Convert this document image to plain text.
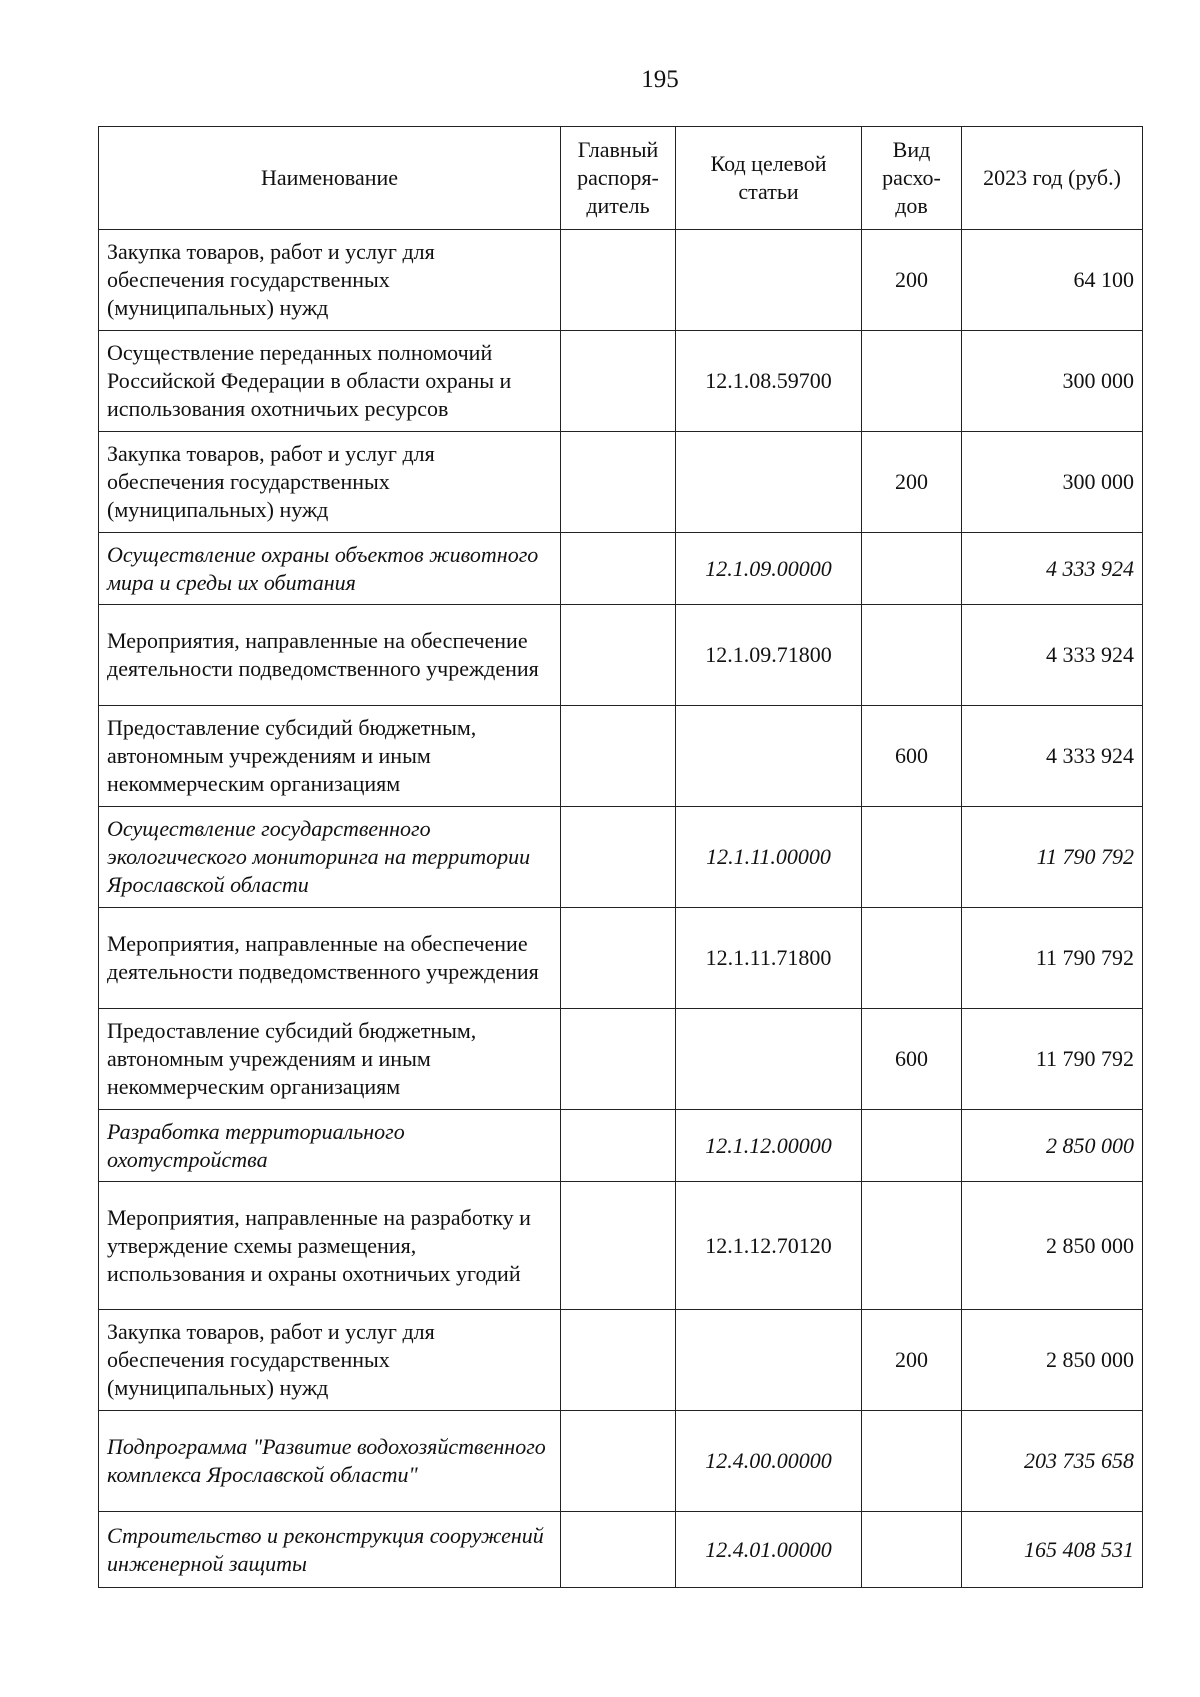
195
Наименование	Главный распоря-дитель	Код целевой статьи	Вид расхо-дов	2023 год (руб.)
Закупка товаров, работ и услуг для обеспечения государственных (муниципальных) нужд			200	64 100
Осуществление переданных полномочий Российской Федерации в области охраны и использования охотничьих ресурсов		12.1.08.59700		300 000
Закупка товаров, работ и услуг для обеспечения государственных (муниципальных) нужд			200	300 000
Осуществление охраны объектов животного мира и среды их обитания		12.1.09.00000		4 333 924
Мероприятия, направленные на обеспечение деятельности подведомственного учреждения		12.1.09.71800		4 333 924
Предоставление субсидий бюджетным, автономным учреждениям и иным некоммерческим организациям			600	4 333 924
Осуществление государственного экологического мониторинга на территории Ярославской области		12.1.11.00000		11 790 792
Мероприятия, направленные на обеспечение деятельности подведомственного учреждения		12.1.11.71800		11 790 792
Предоставление субсидий бюджетным, автономным учреждениям и иным некоммерческим организациям			600	11 790 792
Разработка территориального охотустройства		12.1.12.00000		2 850 000
Мероприятия, направленные на разработку и утверждение схемы размещения, использования и охраны охотничьих угодий		12.1.12.70120		2 850 000
Закупка товаров, работ и услуг для обеспечения государственных (муниципальных) нужд			200	2 850 000
Подпрограмма "Развитие водохозяйственного комплекса Ярославской области"		12.4.00.00000		203 735 658
Строительство и реконструкция сооружений инженерной защиты		12.4.01.00000		165 408 531
